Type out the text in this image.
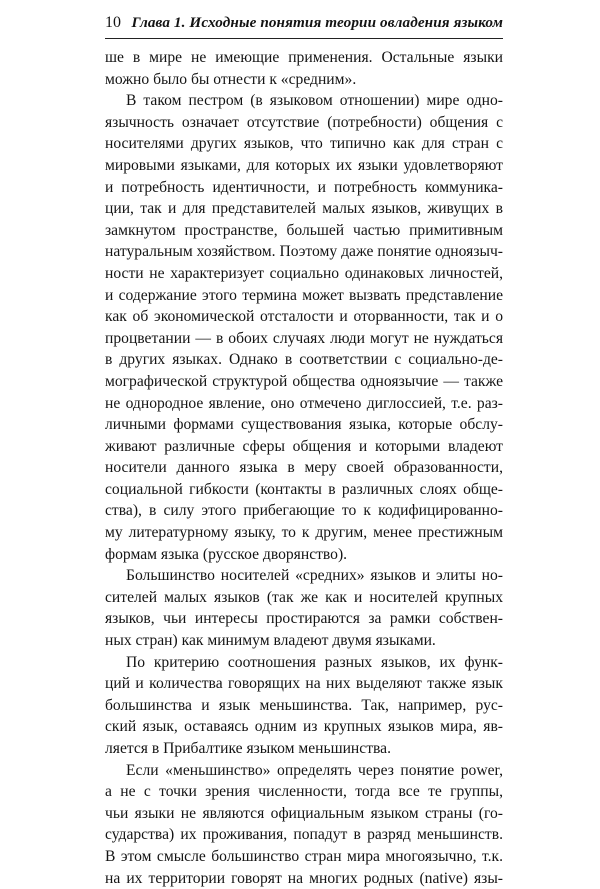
10 Глава 1. Исходные понятия теории овладения языком
ше в мире не имеющие применения. Остальные языки
можно было бы отнести к «средним».
В таком пестром (в языковом отношении) мире одно-
язычность означает отсутствие (потребности) общения с
носителями других языков, что типично как для стран с
мировыми языками, для которых их языки удовлетворяют
и потребность идентичности, и потребность коммуника-
ции, так и для представителей малых языков, живущих в
замкнутом пространстве, большей частью примитивным
натуральным хозяйством. Поэтому даже понятие одноязыч-
ности не характеризует социально одинаковых личностей,
и содержание этого термина может вызвать представление
как об экономической отсталости и оторванности, так и о
процветании — в обоих случаях люди могут не нуждаться
в других языках. Однако в соответствии с социально-де-
мографической структурой общества одноязычие — также
не однородное явление, оно отмечено диглоссией, т.е. раз-
личными формами существования языка, которые обслу-
живают различные сферы общения и которыми владеют
носители данного языка в меру своей образованности,
социальной гибкости (контакты в различных слоях обще-
ства), в силу этого прибегающие то к кодифицированно-
му литературному языку, то к другим, менее престижным
формам языка (русское дворянство).
Большинство носителей «средних» языков и элиты но-
сителей малых языков (так же как и носителей крупных
языков, чьи интересы простираются за рамки собствен-
ных стран) как минимум владеют двумя языками.
По критерию соотношения разных языков, их функ-
ций и количества говорящих на них выделяют также язык
большинства и язык меньшинства. Так, например, рус-
ский язык, оставаясь одним из крупных языков мира, яв-
ляется в Прибалтике языком меньшинства.
Если «меньшинство» определять через понятие power,
а не с точки зрения численности, тогда все те группы,
чьи языки не являются официальным языком страны (го-
сударства) их проживания, попадут в разряд меньшинств.
В этом смысле большинство стран мира многоязычно, т.к.
на их территории говорят на многих родных (native) язы-
